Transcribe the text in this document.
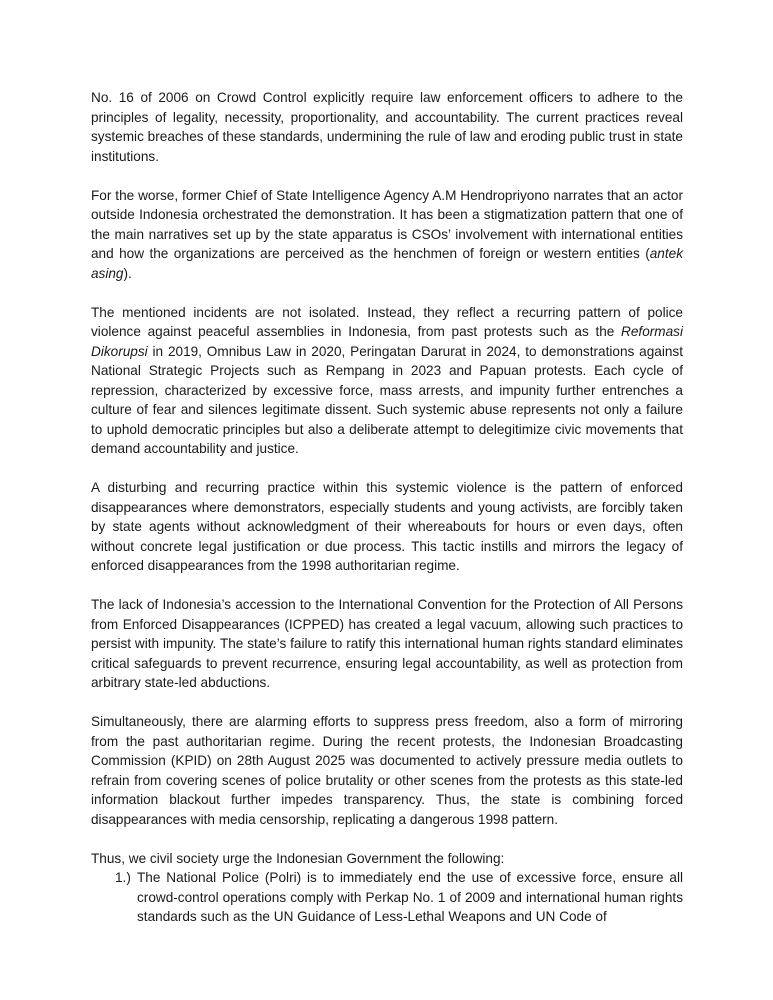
No. 16 of 2006 on Crowd Control explicitly require law enforcement officers to adhere to the principles of legality, necessity, proportionality, and accountability. The current practices reveal systemic breaches of these standards, undermining the rule of law and eroding public trust in state institutions.

For the worse, former Chief of State Intelligence Agency A.M Hendropriyono narrates that an actor outside Indonesia orchestrated the demonstration. It has been a stigmatization pattern that one of the main narratives set up by the state apparatus is CSOs’ involvement with international entities and how the organizations are perceived as the henchmen of foreign or western entities (antek asing).

The mentioned incidents are not isolated. Instead, they reflect a recurring pattern of police violence against peaceful assemblies in Indonesia, from past protests such as the Reformasi Dikorupsi in 2019, Omnibus Law in 2020, Peringatan Darurat in 2024, to demonstrations against National Strategic Projects such as Rempang in 2023 and Papuan protests. Each cycle of repression, characterized by excessive force, mass arrests, and impunity further entrenches a culture of fear and silences legitimate dissent. Such systemic abuse represents not only a failure to uphold democratic principles but also a deliberate attempt to delegitimize civic movements that demand accountability and justice.

A disturbing and recurring practice within this systemic violence is the pattern of enforced disappearances where demonstrators, especially students and young activists, are forcibly taken by state agents without acknowledgment of their whereabouts for hours or even days, often without concrete legal justification or due process. This tactic instills and mirrors the legacy of enforced disappearances from the 1998 authoritarian regime.

The lack of Indonesia’s accession to the International Convention for the Protection of All Persons from Enforced Disappearances (ICPPED) has created a legal vacuum, allowing such practices to persist with impunity. The state’s failure to ratify this international human rights standard eliminates critical safeguards to prevent recurrence, ensuring legal accountability, as well as protection from arbitrary state-led abductions.

Simultaneously, there are alarming efforts to suppress press freedom, also a form of mirroring from the past authoritarian regime. During the recent protests, the Indonesian Broadcasting Commission (KPID) on 28th August 2025 was documented to actively pressure media outlets to refrain from covering scenes of police brutality or other scenes from the protests as this state-led information blackout further impedes transparency. Thus, the state is combining forced disappearances with media censorship, replicating a dangerous 1998 pattern.

Thus, we civil society urge the Indonesian Government the following:

1.) The National Police (Polri) is to immediately end the use of excessive force, ensure all crowd-control operations comply with Perkap No. 1 of 2009 and international human rights standards such as the UN Guidance of Less-Lethal Weapons and UN Code of
